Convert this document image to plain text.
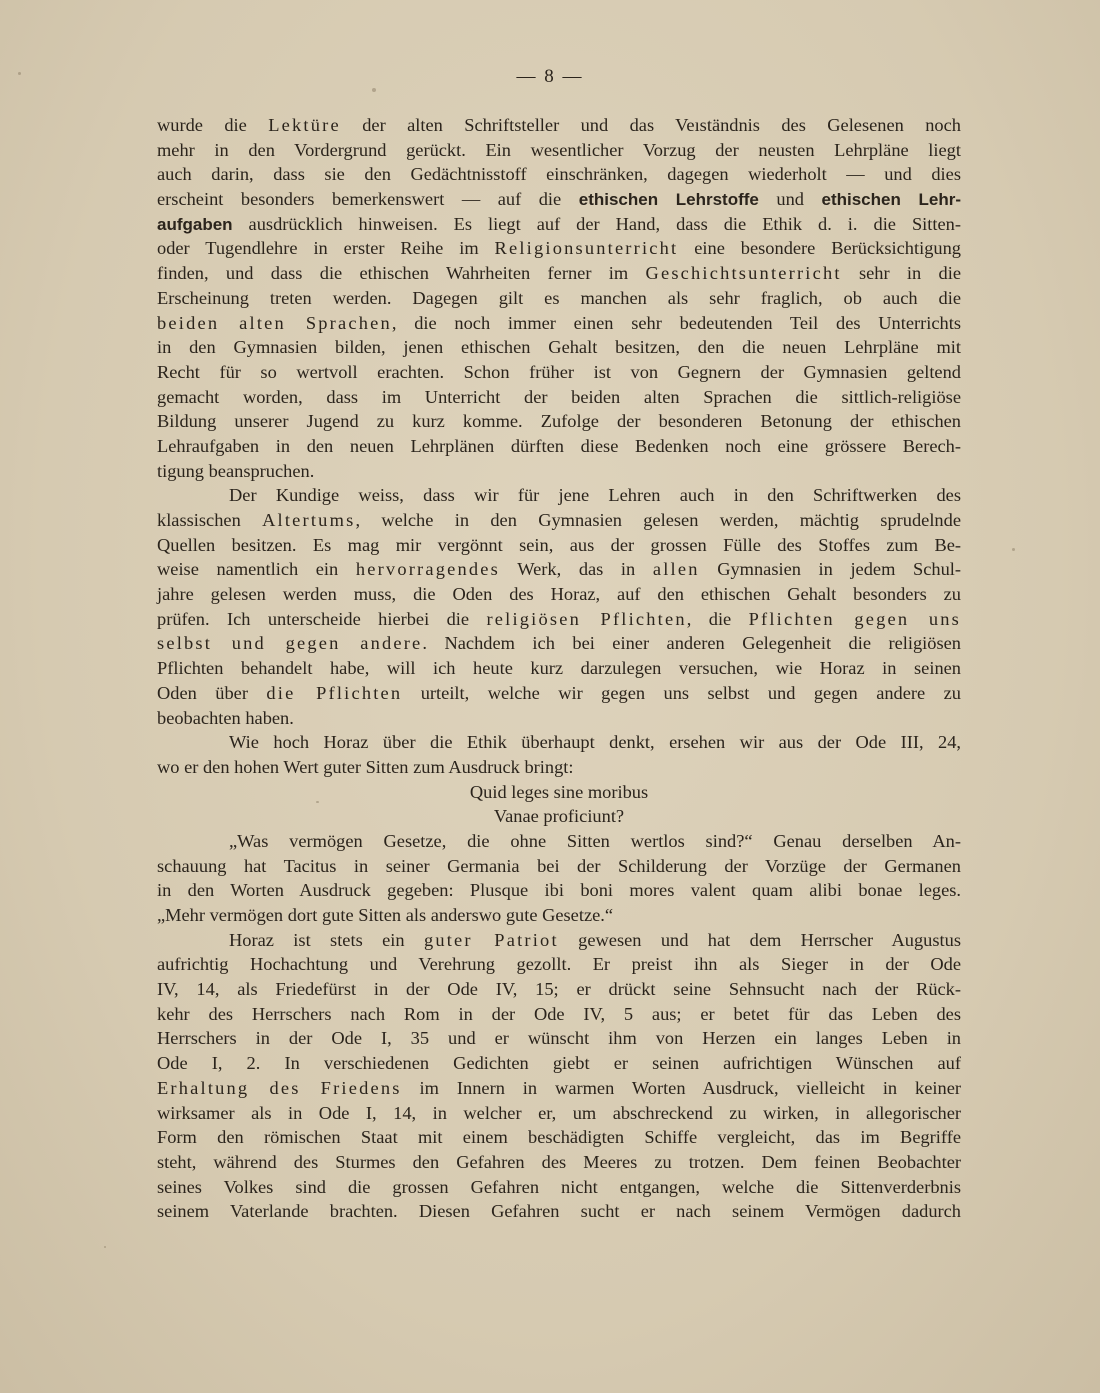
— 8 —
wurde die Lektüre der alten Schriftsteller und das Veıständnis des Gelesenen noch
mehr in den Vordergrund gerückt. Ein wesentlicher Vorzug der neusten Lehrpläne liegt
auch darin, dass sie den Gedächtnisstoff einschränken, dagegen wiederholt — und dies
erscheint besonders bemerkenswert — auf die ethischen Lehrstoffe und ethischen Lehr-
aufgaben ausdrücklich hinweisen. Es liegt auf der Hand, dass die Ethik d. i. die Sitten-
oder Tugendlehre in erster Reihe im Religionsunterricht eine besondere Berücksichtigung
finden, und dass die ethischen Wahrheiten ferner im Geschichtsunterricht sehr in die
Erscheinung treten werden. Dagegen gilt es manchen als sehr fraglich, ob auch die
beiden alten Sprachen, die noch immer einen sehr bedeutenden Teil des Unterrichts
in den Gymnasien bilden, jenen ethischen Gehalt besitzen, den die neuen Lehrpläne mit
Recht für so wertvoll erachten. Schon früher ist von Gegnern der Gymnasien geltend
gemacht worden, dass im Unterricht der beiden alten Sprachen die sittlich-religiöse
Bildung unserer Jugend zu kurz komme. Zufolge der besonderen Betonung der ethischen
Lehraufgaben in den neuen Lehrplänen dürften diese Bedenken noch eine grössere Berech-
tigung beanspruchen.
Der Kundige weiss, dass wir für jene Lehren auch in den Schriftwerken des
klassischen Altertums, welche in den Gymnasien gelesen werden, mächtig sprudelnde
Quellen besitzen. Es mag mir vergönnt sein, aus der grossen Fülle des Stoffes zum Be-
weise namentlich ein hervorragendes Werk, das in allen Gymnasien in jedem Schul-
jahre gelesen werden muss, die Oden des Horaz, auf den ethischen Gehalt besonders zu
prüfen. Ich unterscheide hierbei die religiösen Pflichten, die Pflichten gegen uns
selbst und gegen andere. Nachdem ich bei einer anderen Gelegenheit die religiösen
Pflichten behandelt habe, will ich heute kurz darzulegen versuchen, wie Horaz in seinen
Oden über die Pflichten urteilt, welche wir gegen uns selbst und gegen andere zu
beobachten haben.
Wie hoch Horaz über die Ethik überhaupt denkt, ersehen wir aus der Ode III, 24,
wo er den hohen Wert guter Sitten zum Ausdruck bringt:
Quid leges sine moribus
Vanae proficiunt?
„Was vermögen Gesetze, die ohne Sitten wertlos sind?“ Genau derselben An-
schauung hat Tacitus in seiner Germania bei der Schilderung der Vorzüge der Germanen
in den Worten Ausdruck gegeben: Plusque ibi boni mores valent quam alibi bonae leges.
„Mehr vermögen dort gute Sitten als anderswo gute Gesetze.“
Horaz ist stets ein guter Patriot gewesen und hat dem Herrscher Augustus
aufrichtig Hochachtung und Verehrung gezollt. Er preist ihn als Sieger in der Ode
IV, 14, als Friedefürst in der Ode IV, 15; er drückt seine Sehnsucht nach der Rück-
kehr des Herrschers nach Rom in der Ode IV, 5 aus; er betet für das Leben des
Herrschers in der Ode I, 35 und er wünscht ihm von Herzen ein langes Leben in
Ode I, 2. In verschiedenen Gedichten giebt er seinen aufrichtigen Wünschen auf
Erhaltung des Friedens im Innern in warmen Worten Ausdruck, vielleicht in keiner
wirksamer als in Ode I, 14, in welcher er, um abschreckend zu wirken, in allegorischer
Form den römischen Staat mit einem beschädigten Schiffe vergleicht, das im Begriffe
steht, während des Sturmes den Gefahren des Meeres zu trotzen. Dem feinen Beobachter
seines Volkes sind die grossen Gefahren nicht entgangen, welche die Sittenverderbnis
seinem Vaterlande brachten. Diesen Gefahren sucht er nach seinem Vermögen dadurch
